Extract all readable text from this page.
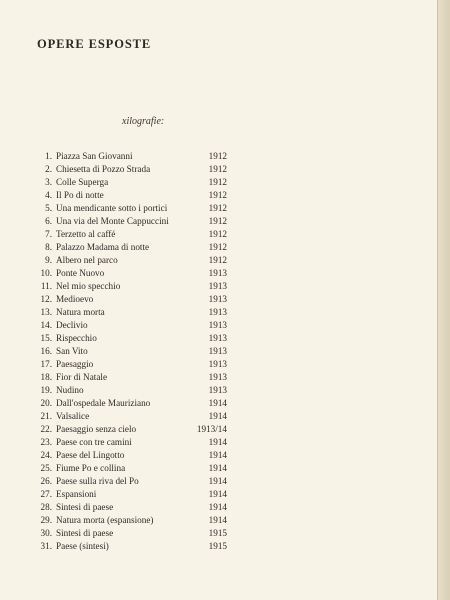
OPERE ESPOSTE
xilografie:
1. Piazza San Giovanni	1912
2. Chiesetta di Pozzo Strada	1912
3. Colle Superga	1912
4. Il Po di notte	1912
5. Una mendicante sotto i portici	1912
6. Una via del Monte Cappuccini	1912
7. Terzetto al caffé	1912
8. Palazzo Madama di notte	1912
9. Albero nel parco	1912
10. Ponte Nuovo	1913
11. Nel mio specchio	1913
12. Medioevo	1913
13. Natura morta	1913
14. Declivio	1913
15. Rispecchio	1913
16. San Vito	1913
17. Paesaggio	1913
18. Fior di Natale	1913
19. Nudino	1913
20. Dall'ospedale Mauriziano	1914
21. Valsalice	1914
22. Paesaggio senza cielo	1913/14
23. Paese con tre camini	1914
24. Paese del Lingotto	1914
25. Fiume Po e collina	1914
26. Paese sulla riva del Po	1914
27. Espansioni	1914
28. Sintesi di paese	1914
29. Natura morta (espansione)	1914
30. Sintesi di paese	1915
31. Paese (sintesi)	1915
